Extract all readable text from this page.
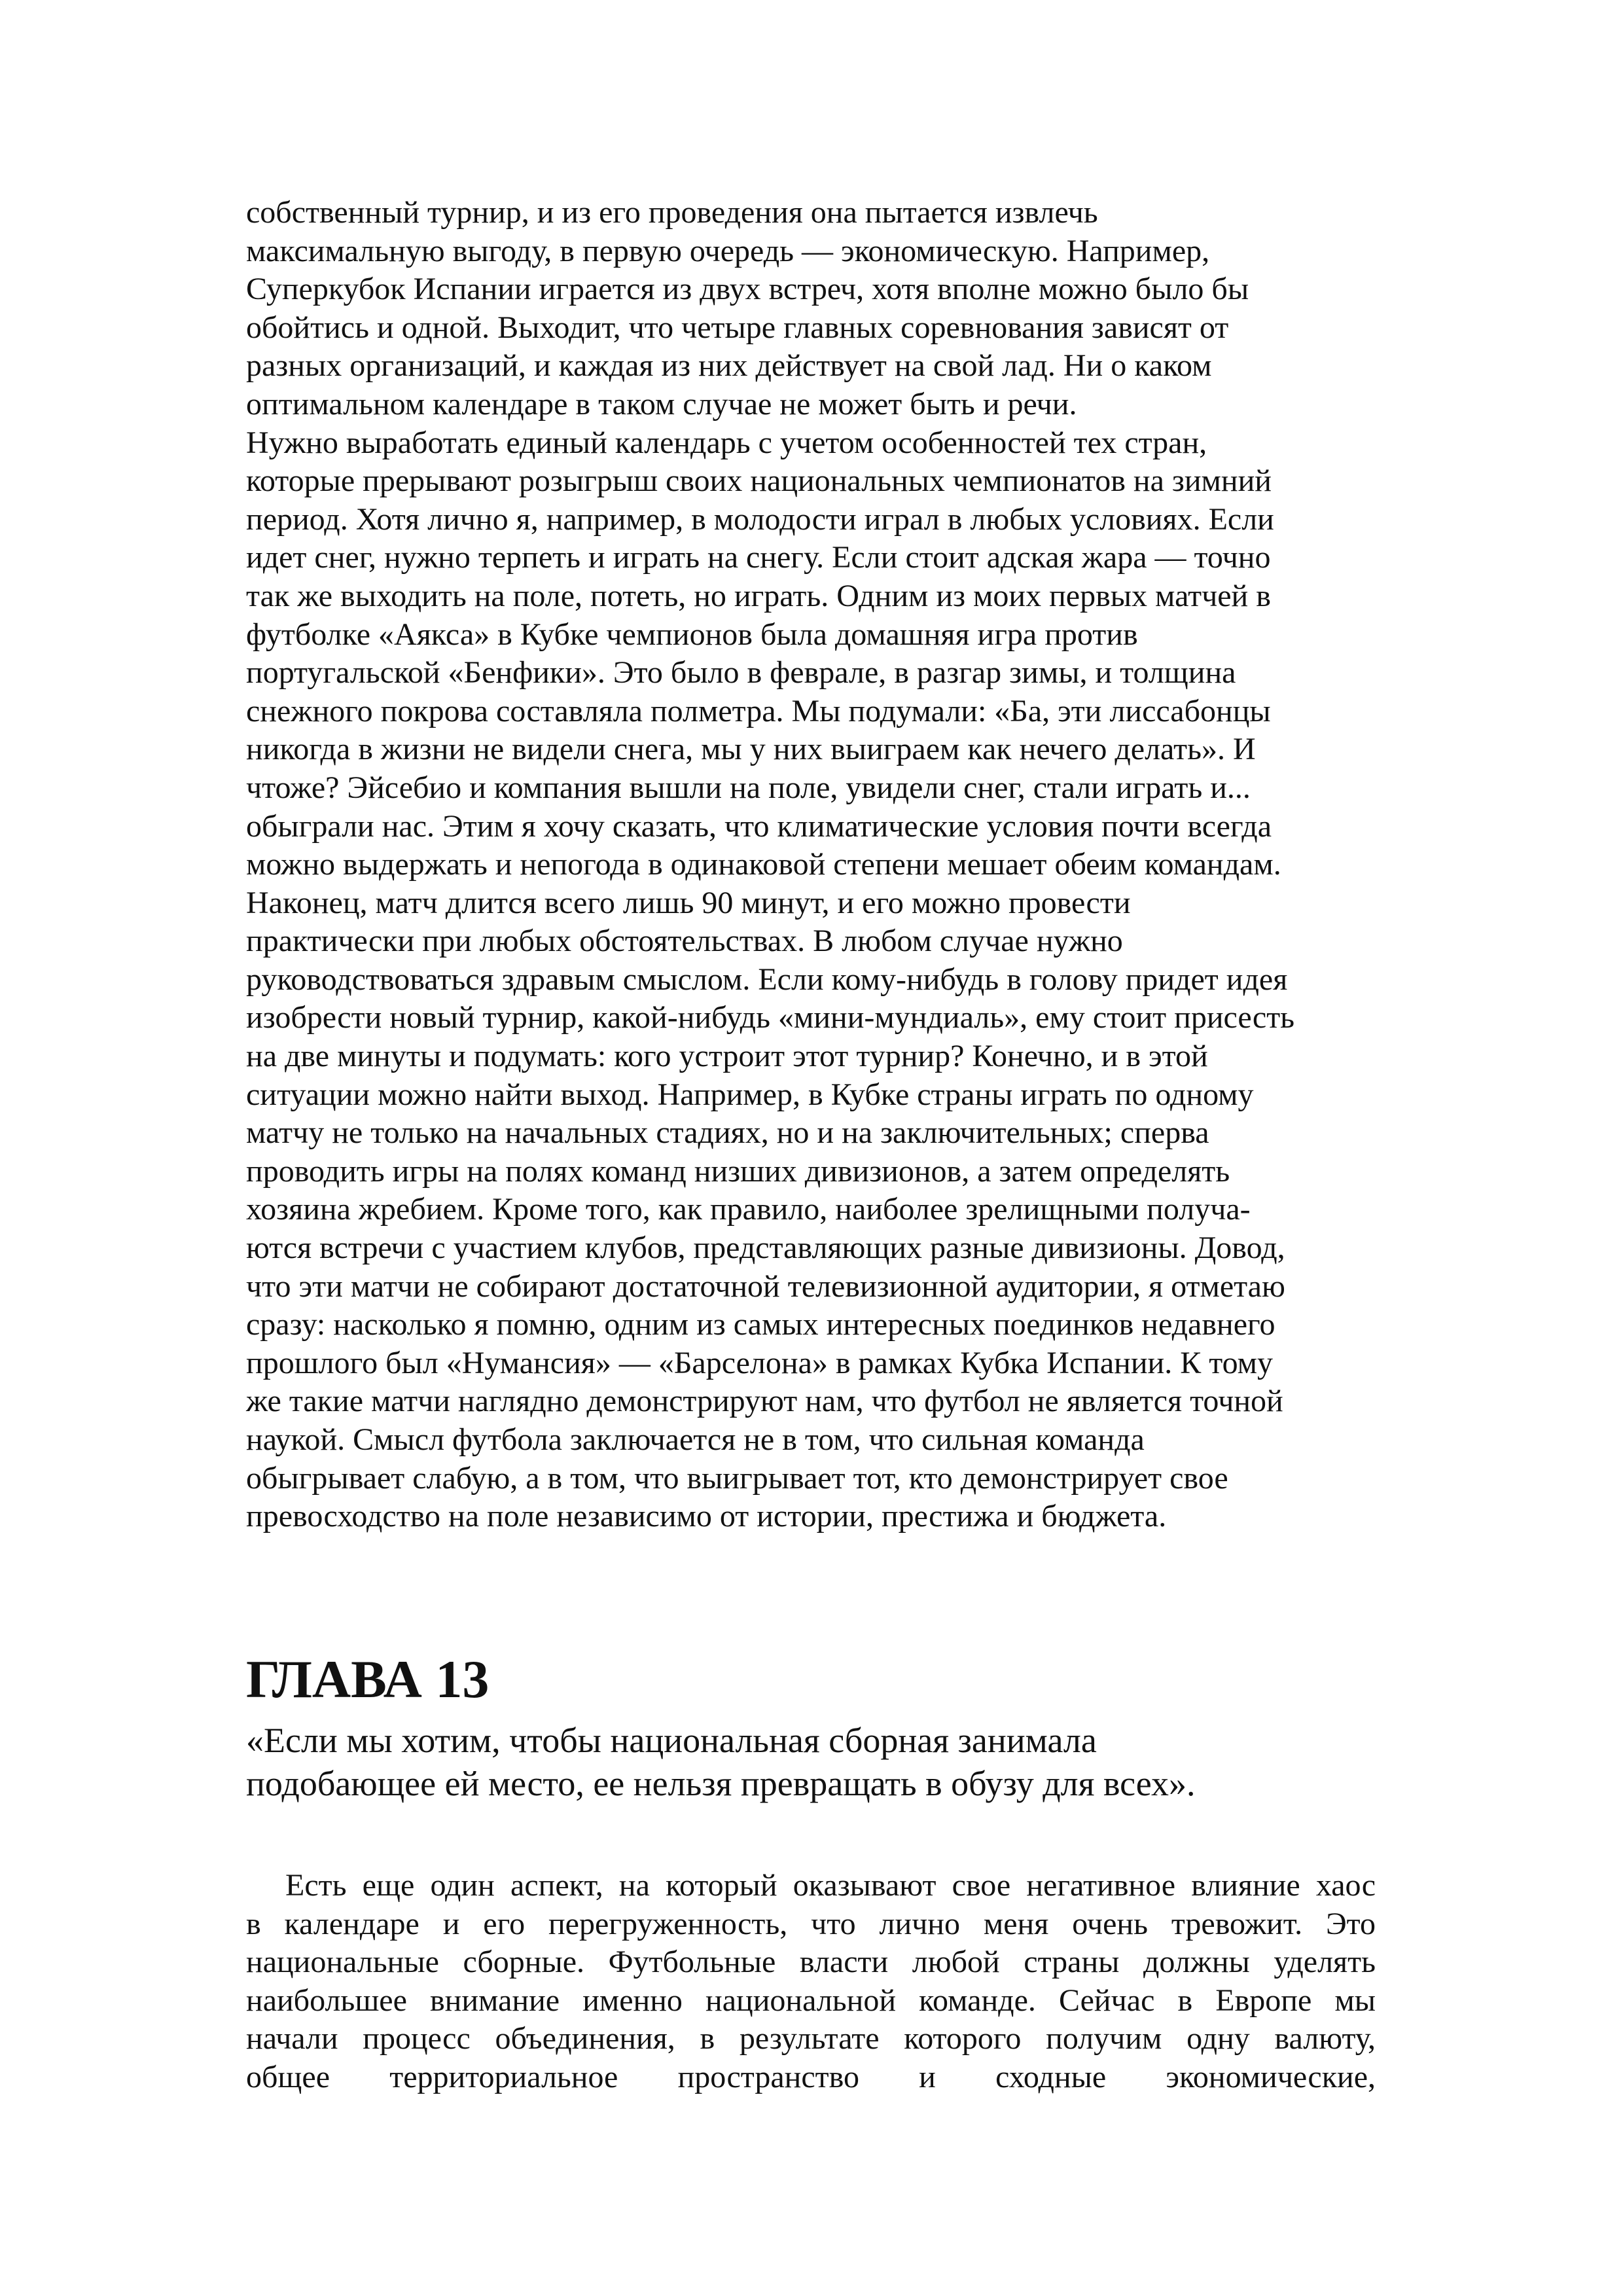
собственный турнир, и из его проведения она пытается извлечь
максимальную выгоду, в первую очередь — экономическую. Например,
Суперкубок Испании играется из двух встреч, хотя вполне можно было бы
обойтись и одной. Выходит, что четыре главных соревнования зависят от
разных организаций, и каждая из них действует на свой лад. Ни о каком
оптимальном календаре в таком случае не может быть и речи.
Нужно выработать единый календарь с учетом особенностей тех стран,
которые прерывают розыгрыш своих национальных чемпионатов на зимний
период. Хотя лично я, например, в молодости играл в любых условиях. Если
идет снег, нужно терпеть и играть на снегу. Если стоит адская жара — точно
так же выходить на поле, потеть, но играть. Одним из моих первых матчей в
футболке «Аякса» в Кубке чемпионов была домашняя игра против
португальской «Бенфики». Это было в феврале, в разгар зимы, и толщина
снежного покрова составляла полметра. Мы подумали: «Ба, эти лиссабонцы
никогда в жизни не видели снега, мы у них выиграем как нечего делать». И
чтоже? Эйсебио и компания вышли на поле, увидели снег, стали играть и...
обыграли нас. Этим я хочу сказать, что климатические условия почти всегда
можно выдержать и непогода в одинаковой степени мешает обеим командам.
Наконец, матч длится всего лишь 90 минут, и его можно провести
практически при любых обстоятельствах. В любом случае нужно
руководствоваться здравым смыслом. Если кому-нибудь в голову придет идея
изобрести новый турнир, какой-нибудь «мини-мундиаль», ему стоит присесть
на две минуты и подумать: кого устроит этот турнир? Конечно, и в этой
ситуации можно найти выход. Например, в Кубке страны играть по одному
матчу не только на начальных стадиях, но и на заключительных; сперва
проводить игры на полях команд низших дивизионов, а затем определять
хозяина жребием. Кроме того, как правило, наиболее зрелищными получа-
ются встречи с участием клубов, представляющих разные дивизионы. Довод,
что эти матчи не собирают достаточной телевизионной аудитории, я отметаю
сразу: насколько я помню, одним из самых интересных поединков недавнего
прошлого был «Нумансия» — «Барселона» в рамках Кубка Испании. К тому
же такие матчи наглядно демонстрируют нам, что футбол не является точной
наукой. Смысл футбола заключается не в том, что сильная команда
обыгрывает слабую, а в том, что выигрывает тот, кто демонстрирует свое
превосходство на поле независимо от истории, престижа и бюджета.
ГЛАВА 13
«Если мы хотим, чтобы национальная сборная занимала
подобающее ей место, ее нельзя превращать в обузу для всех».
Есть еще один аспект, на который оказывают свое негативное влияние хаос
в календаре и его перегруженность, что лично меня очень тревожит. Это
национальные сборные. Футбольные власти любой страны должны уделять
наибольшее внимание именно национальной команде. Сейчас в Европе мы
начали процесс объединения, в результате которого получим одну валюту,
общее территориальное пространство и сходные экономические,
